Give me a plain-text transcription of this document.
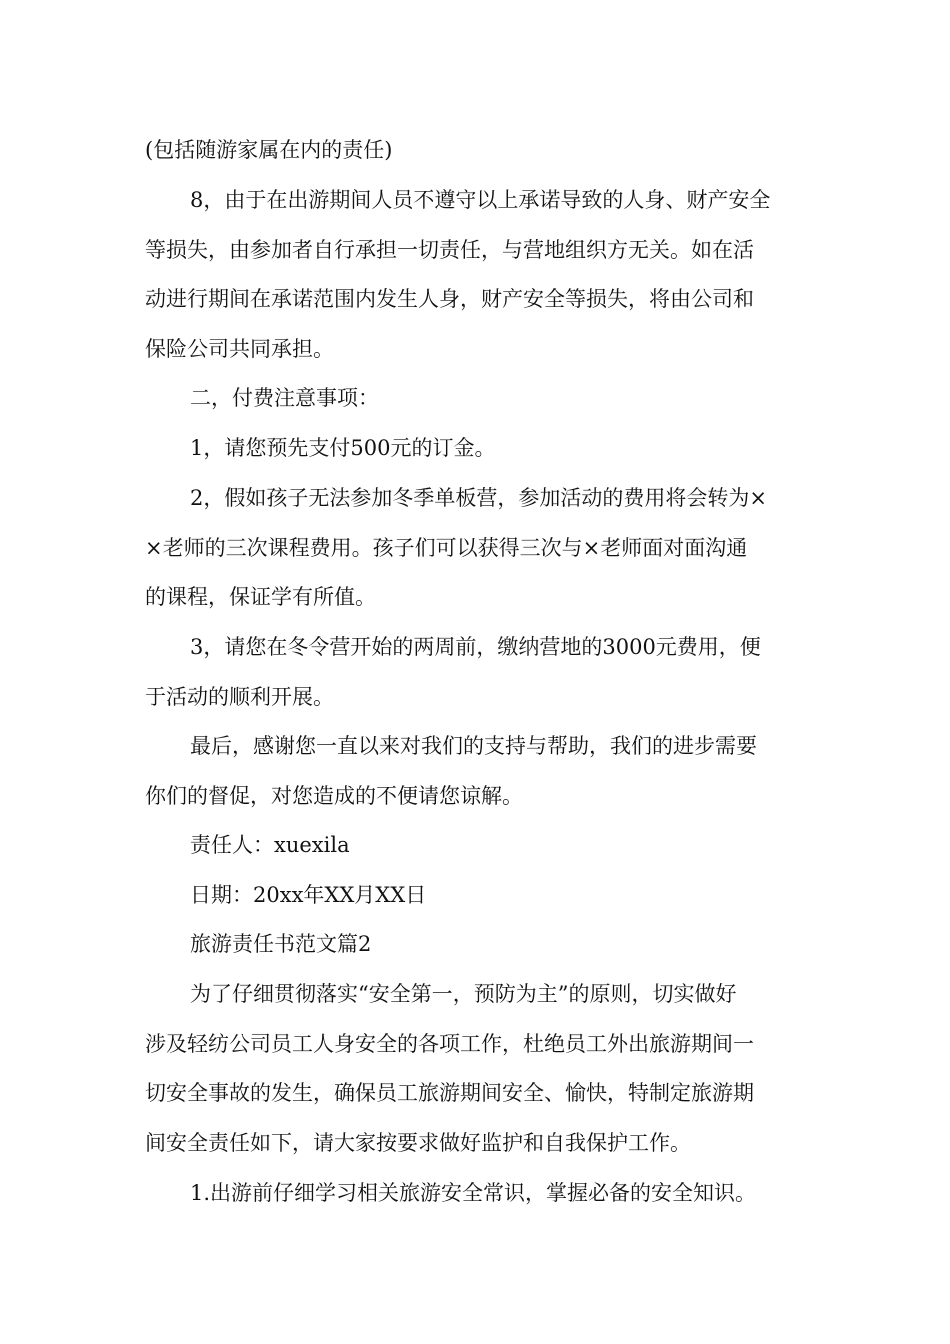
(包括随游家属在内的责任)
8，由于在出游期间人员不遵守以上承诺导致的人身、财产安全
等损失，由参加者自行承担一切责任，与营地组织方无关。如在活
动进行期间在承诺范围内发生人身，财产安全等损失，将由公司和
保险公司共同承担。
二，付费注意事项：
1，请您预先支付500元的订金。
2，假如孩子无法参加冬季单板营，参加活动的费用将会转为×
×老师的三次课程费用。孩子们可以获得三次与×老师面对面沟通
的课程，保证学有所值。
3，请您在冬令营开始的两周前，缴纳营地的3000元费用，便
于活动的顺利开展。
最后，感谢您一直以来对我们的支持与帮助，我们的进步需要
你们的督促，对您造成的不便请您谅解。
责任人：xuexila
日期：20xx年XX月XX日
旅游责任书范文篇2
为了仔细贯彻落实“安全第一，预防为主”的原则，切实做好
涉及轻纺公司员工人身安全的各项工作，杜绝员工外出旅游期间一
切安全事故的发生，确保员工旅游期间安全、愉快，特制定旅游期
间安全责任如下，请大家按要求做好监护和自我保护工作。
1.出游前仔细学习相关旅游安全常识，掌握必备的安全知识。
